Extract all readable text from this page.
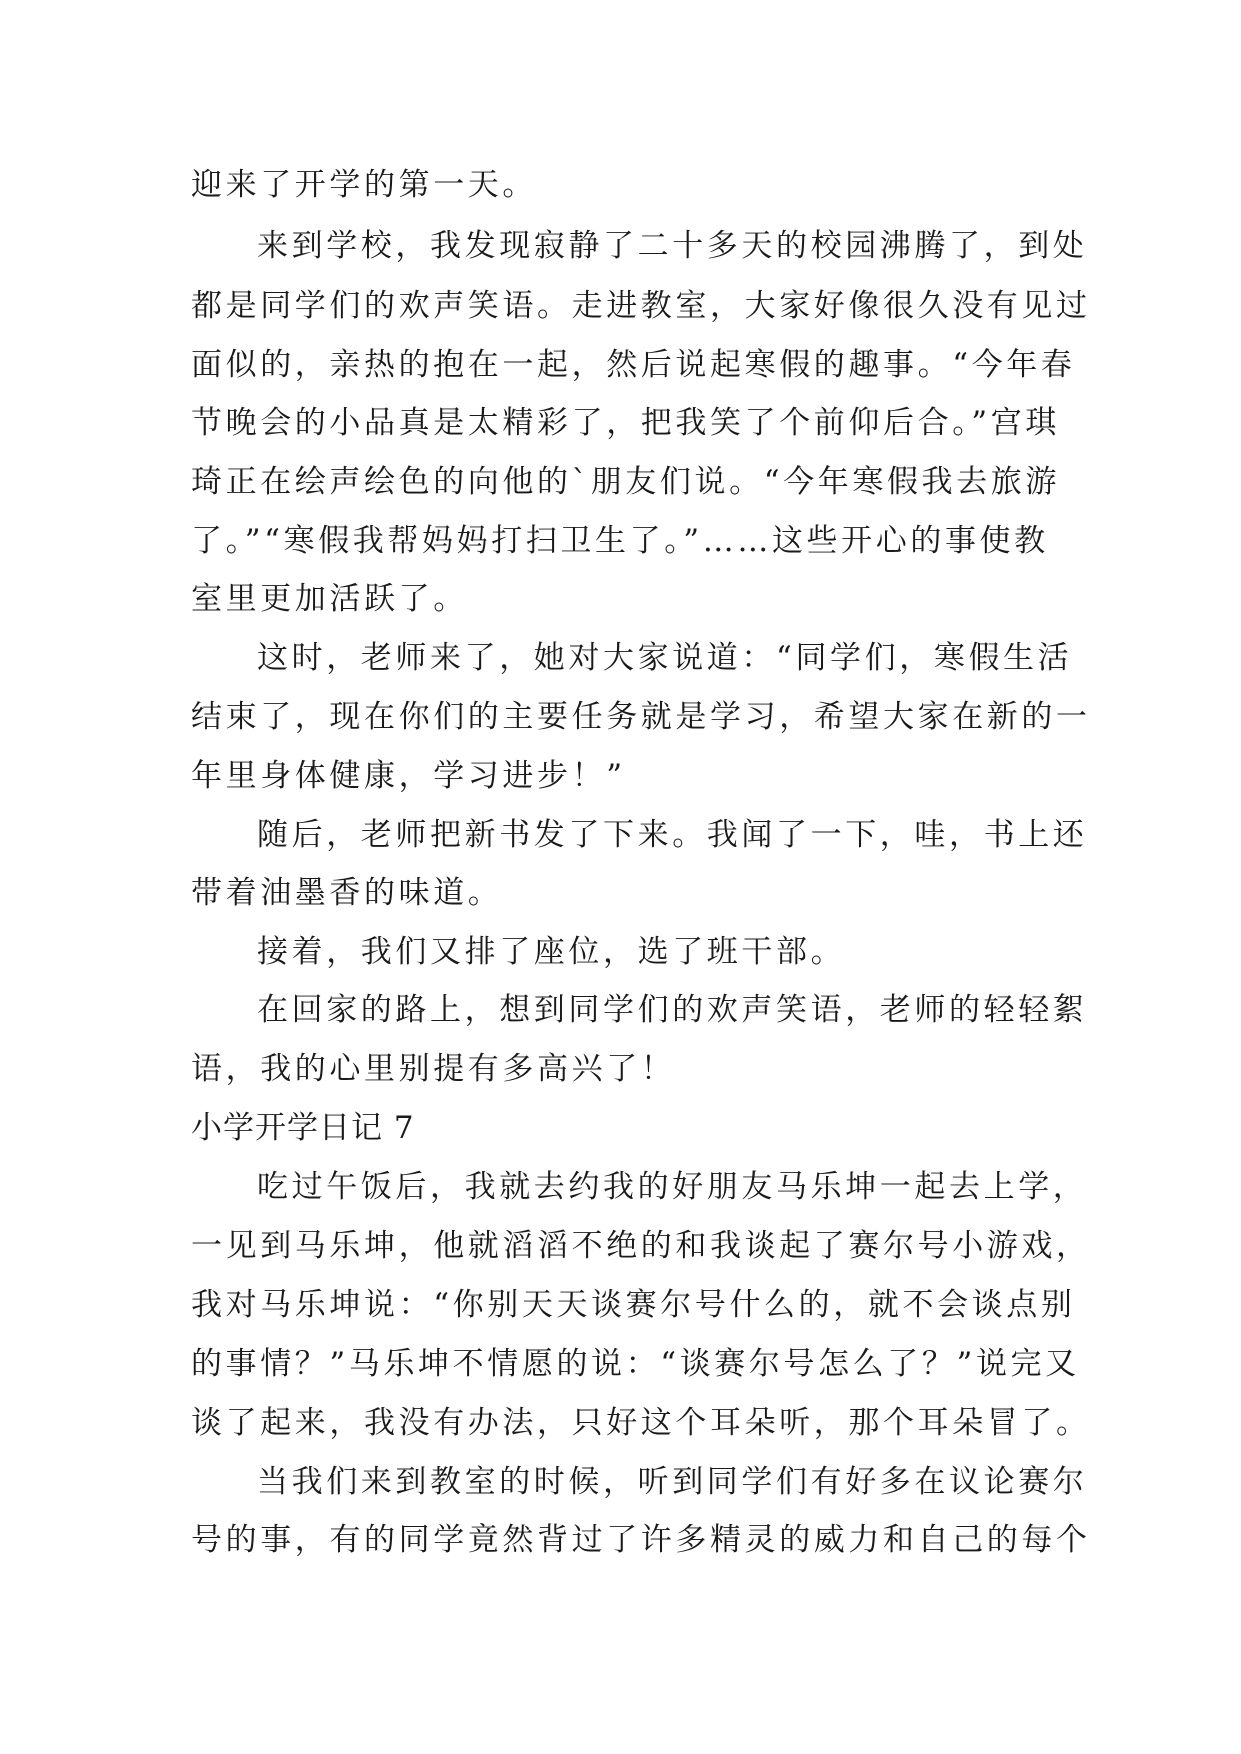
迎来了开学的第一天。
来到学校，我发现寂静了二十多天的校园沸腾了，到处
都是同学们的欢声笑语。走进教室，大家好像很久没有见过
面似的，亲热的抱在一起，然后说起寒假的趣事。“今年春
节晚会的小品真是太精彩了，把我笑了个前仰后合。”宫琪
琦正在绘声绘色的向他的`朋友们说。“今年寒假我去旅游
了。”“寒假我帮妈妈打扫卫生了。”……这些开心的事使教
室里更加活跃了。
这时，老师来了，她对大家说道：“同学们，寒假生活
结束了，现在你们的主要任务就是学习，希望大家在新的一
年里身体健康，学习进步！”
随后，老师把新书发了下来。我闻了一下，哇，书上还
带着油墨香的味道。
接着，我们又排了座位，选了班干部。
在回家的路上，想到同学们的欢声笑语，老师的轻轻絮
语，我的心里别提有多高兴了！
小学开学日记 7
吃过午饭后，我就去约我的好朋友马乐坤一起去上学，
一见到马乐坤，他就滔滔不绝的和我谈起了赛尔号小游戏，
我对马乐坤说：“你别天天谈赛尔号什么的，就不会谈点别
的事情？”马乐坤不情愿的说：“谈赛尔号怎么了？”说完又
谈了起来，我没有办法，只好这个耳朵听，那个耳朵冒了。
当我们来到教室的时候，听到同学们有好多在议论赛尔
号的事，有的同学竟然背过了许多精灵的威力和自己的每个
